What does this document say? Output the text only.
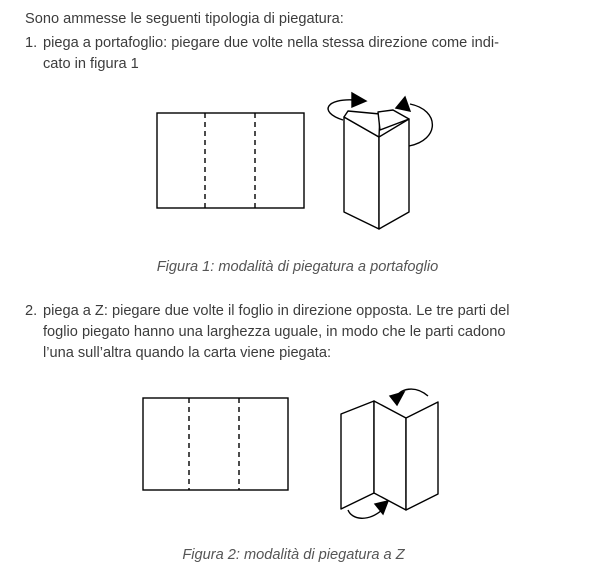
Sono ammesse le seguenti tipologia di piegatura:
1. piega a portafoglio: piegare due volte nella stessa direzione come indi-
cato in figura 1
2. piega a Z: piegare due volte il foglio in direzione opposta. Le tre parti del
foglio piegato hanno una larghezza uguale, in modo che le parti cadono
l’una sull’altra quando la carta viene piegata:
Figura 1: modalità di piegatura a portafoglio
Figura 2: modalità di piegatura a Z
